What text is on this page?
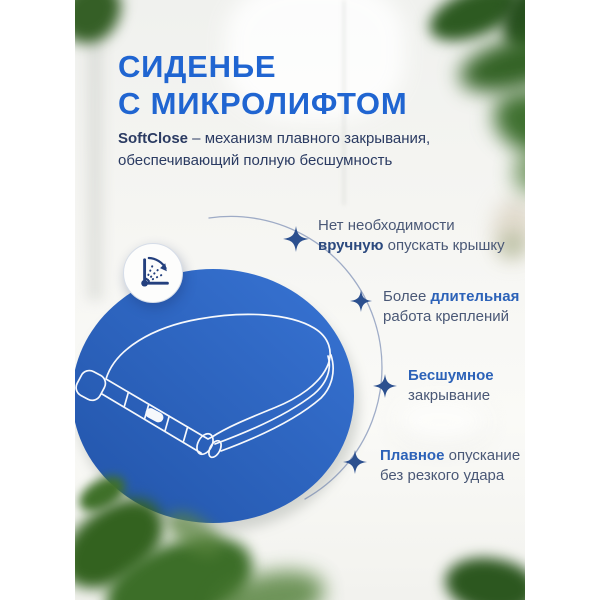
СИДЕНЬЕ
С МИКРОЛИФТОМ
SoftClose – механизм плавного закрывания,
обеспечивающий полную бесшумность
Нет необходимости
вручную опускать крышку
Более длительная
работа креплений
Бесшумное
закрывание
Плавное опускание
без резкого удара
